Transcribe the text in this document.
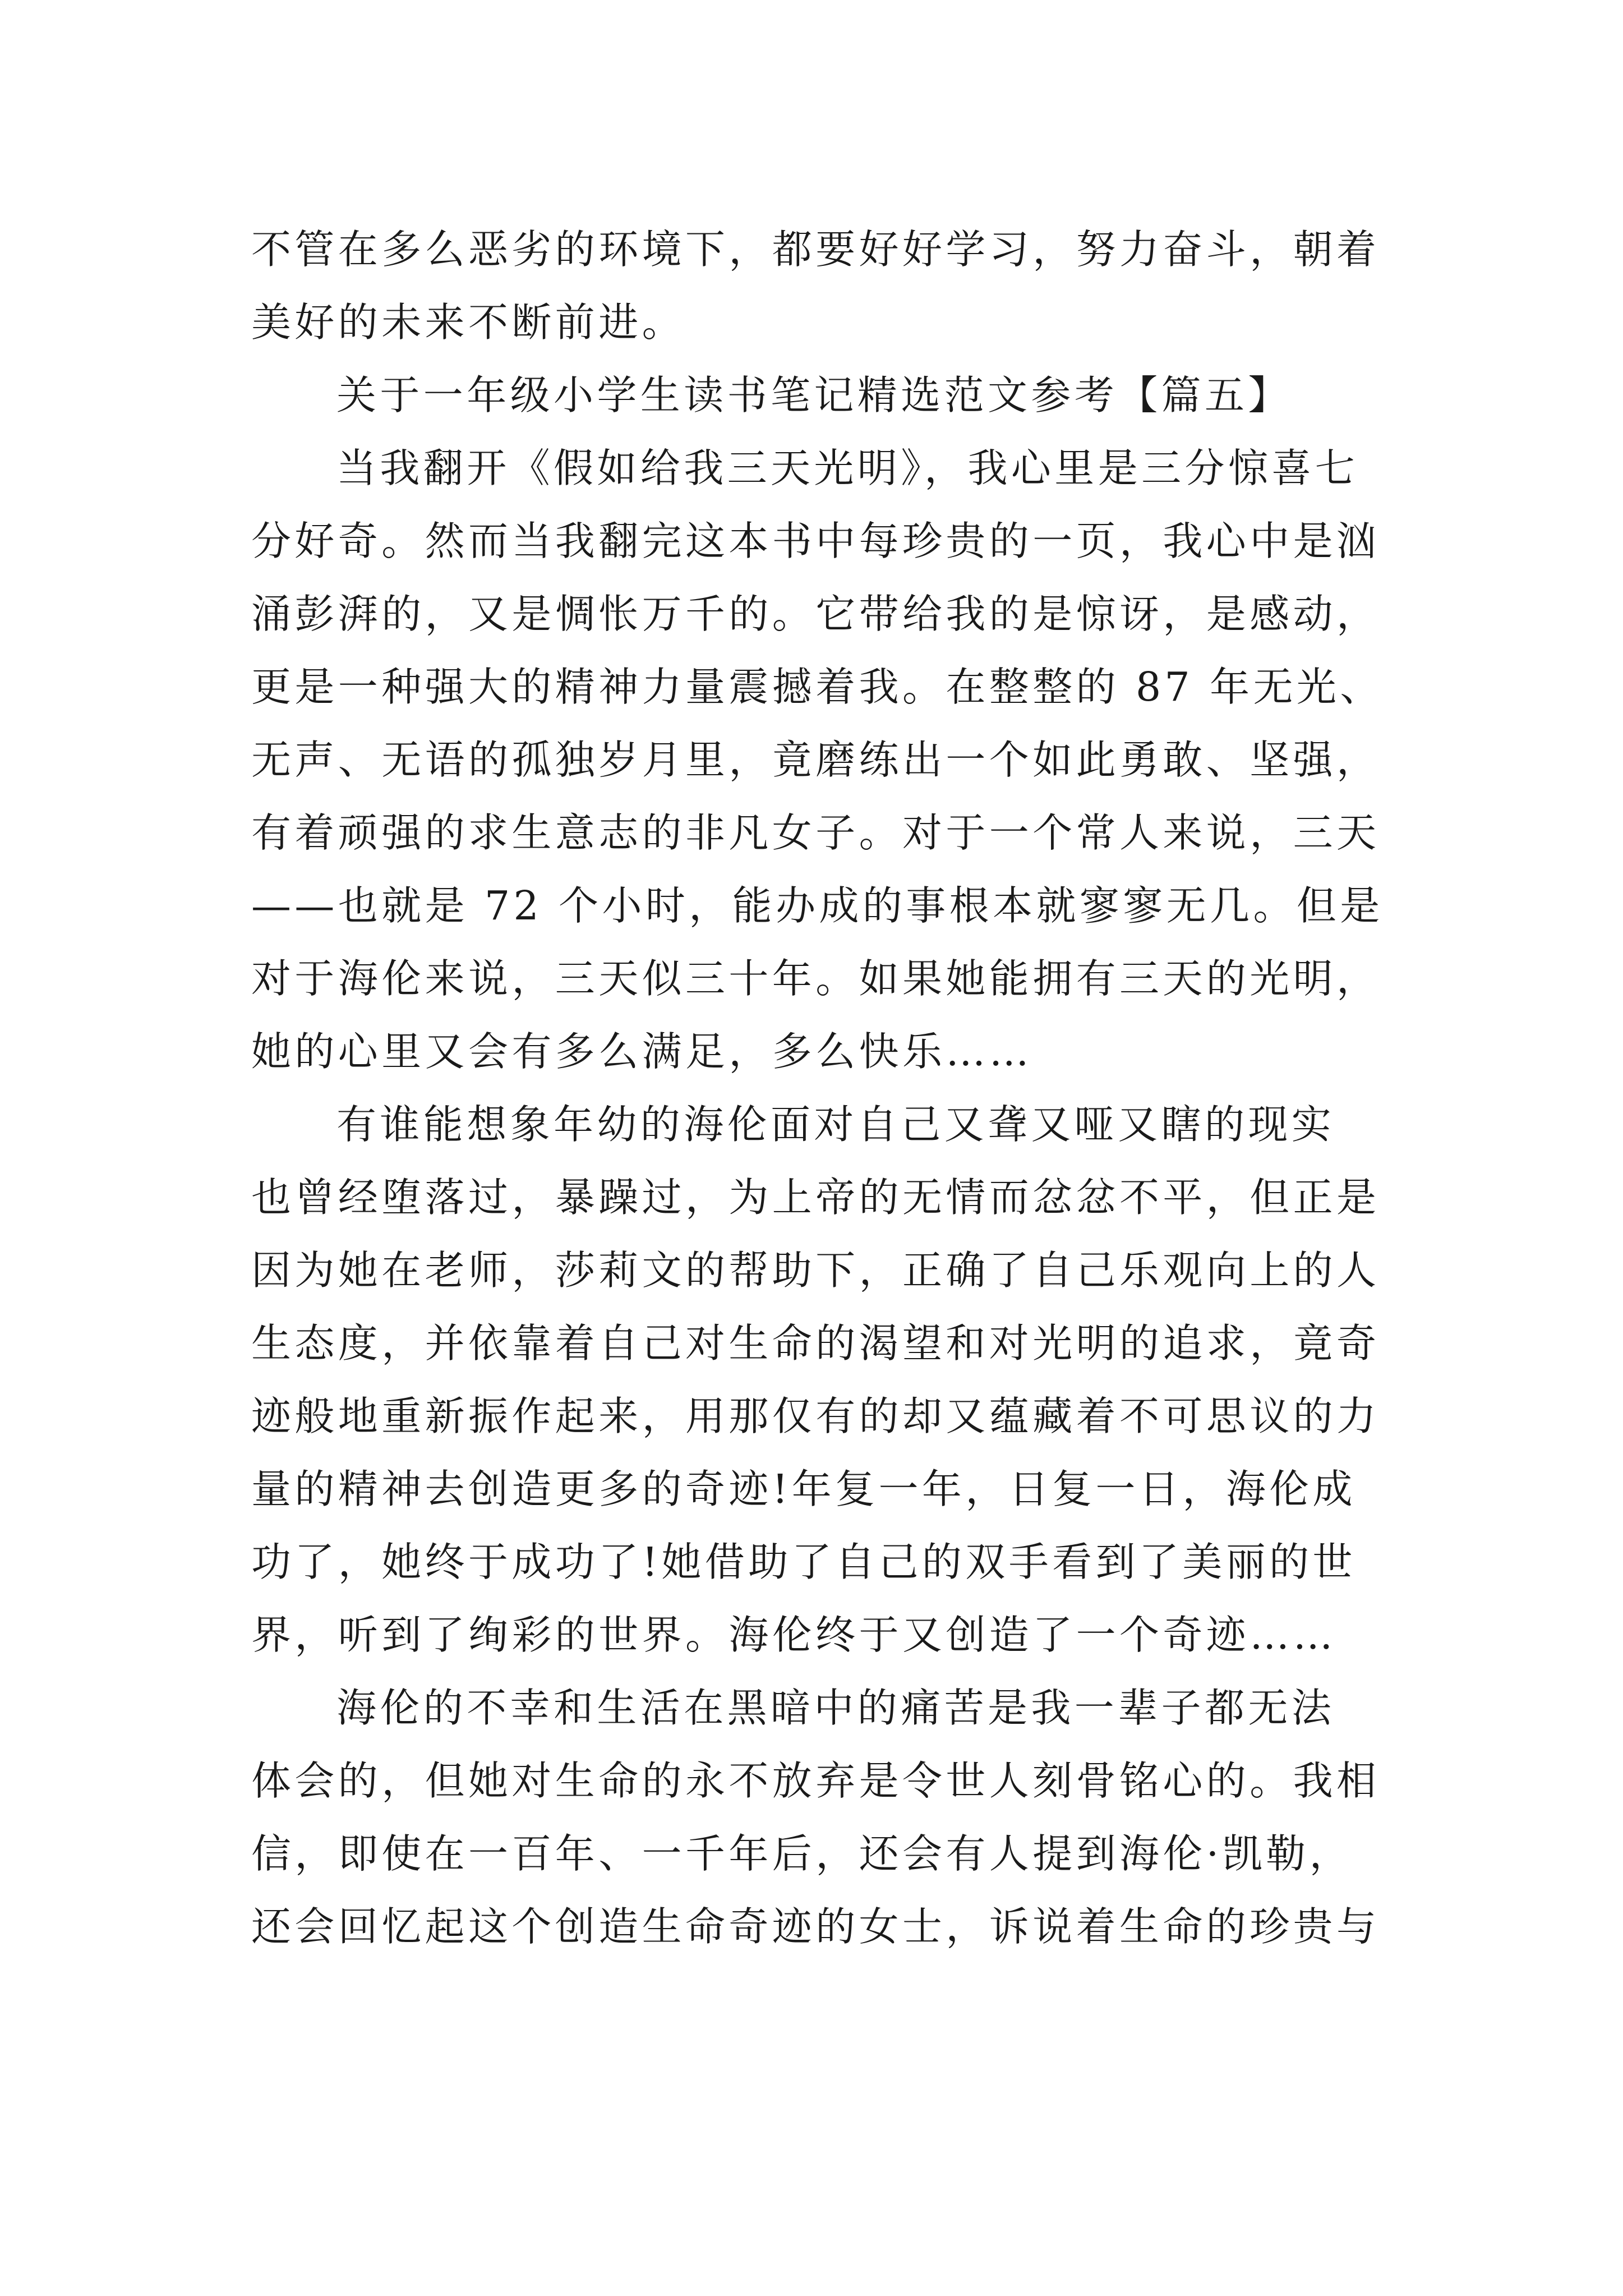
不管在多么恶劣的环境下，都要好好学习，努力奋斗，朝着
美好的未来不断前进。
关于一年级小学生读书笔记精选范文参考【篇五】
当我翻开《假如给我三天光明》，我心里是三分惊喜七
分好奇。然而当我翻完这本书中每珍贵的一页，我心中是汹
涌彭湃的，又是惆怅万千的。它带给我的是惊讶，是感动，
更是一种强大的精神力量震撼着我。在整整的 87 年无光、
无声、无语的孤独岁月里，竟磨练出一个如此勇敢、坚强，
有着顽强的求生意志的非凡女子。对于一个常人来说，三天
——也就是 72 个小时，能办成的事根本就寥寥无几。但是
对于海伦来说，三天似三十年。如果她能拥有三天的光明，
她的心里又会有多么满足，多么快乐……
有谁能想象年幼的海伦面对自己又聋又哑又瞎的现实
也曾经堕落过，暴躁过，为上帝的无情而忿忿不平，但正是
因为她在老师，莎莉文的帮助下，正确了自己乐观向上的人
生态度，并依靠着自己对生命的渴望和对光明的追求，竟奇
迹般地重新振作起来，用那仅有的却又蕴藏着不可思议的力
量的精神去创造更多的奇迹!年复一年，日复一日，海伦成
功了，她终于成功了!她借助了自己的双手看到了美丽的世
界，听到了绚彩的世界。海伦终于又创造了一个奇迹……
海伦的不幸和生活在黑暗中的痛苦是我一辈子都无法
体会的，但她对生命的永不放弃是令世人刻骨铭心的。我相
信，即使在一百年、一千年后，还会有人提到海伦·凯勒，
还会回忆起这个创造生命奇迹的女士，诉说着生命的珍贵与
